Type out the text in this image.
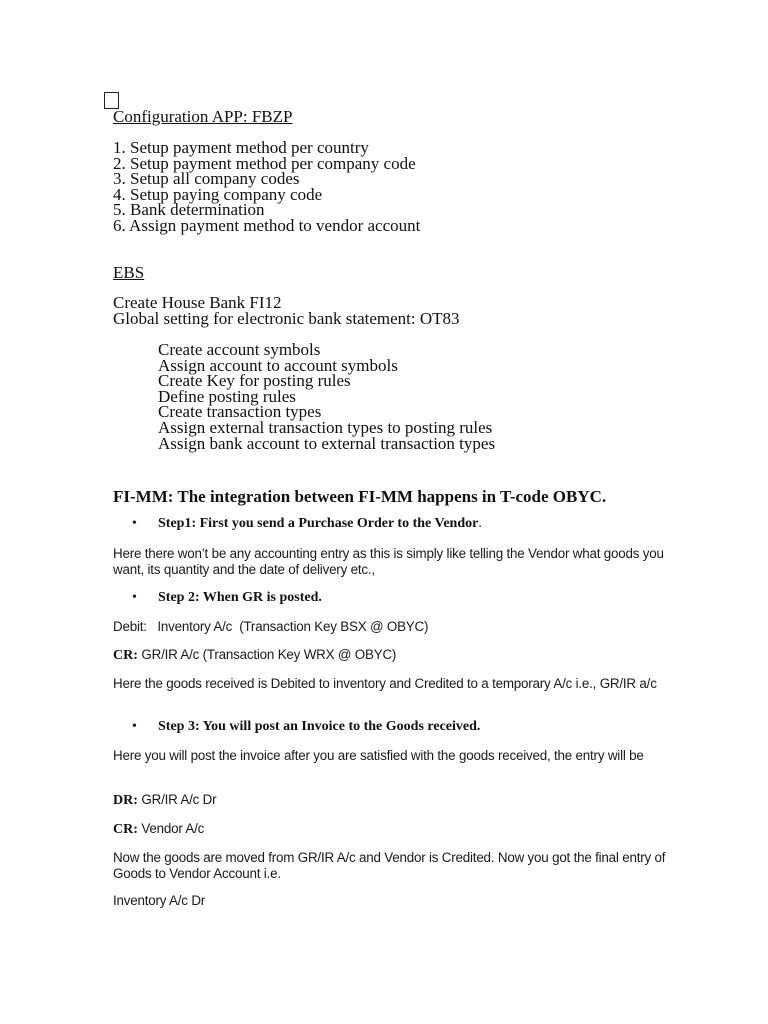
Configuration APP: FBZP
1. Setup payment method per country
2. Setup payment method per company code
3. Setup all company codes
4. Setup paying company code
5. Bank determination
6. Assign payment method to vendor account
EBS
Create House Bank FI12
Global setting for electronic bank statement: OT83
Create account symbols
Assign account to account symbols
Create Key for posting rules
Define posting rules
Create transaction types
Assign external transaction types to posting rules
Assign bank account to external transaction types
FI-MM: The integration between FI-MM happens in T-code OBYC.
• Step1: First you send a Purchase Order to the Vendor.
Here there won’t be any accounting entry as this is simply like telling the Vendor what goods you want, its quantity and the date of delivery etc.,
• Step 2: When GR is posted.
Debit:   Inventory A/c  (Transaction Key BSX @ OBYC)
CR: GR/IR A/c (Transaction Key WRX @ OBYC)
Here the goods received is Debited to inventory and Credited to a temporary A/c i.e., GR/IR a/c
• Step 3: You will post an Invoice to the Goods received.
Here you will post the invoice after you are satisfied with the goods received, the entry will be
DR: GR/IR A/c Dr
CR: Vendor A/c
Now the goods are moved from GR/IR A/c and Vendor is Credited. Now you got the final entry of Goods to Vendor Account i.e.
Inventory A/c Dr
